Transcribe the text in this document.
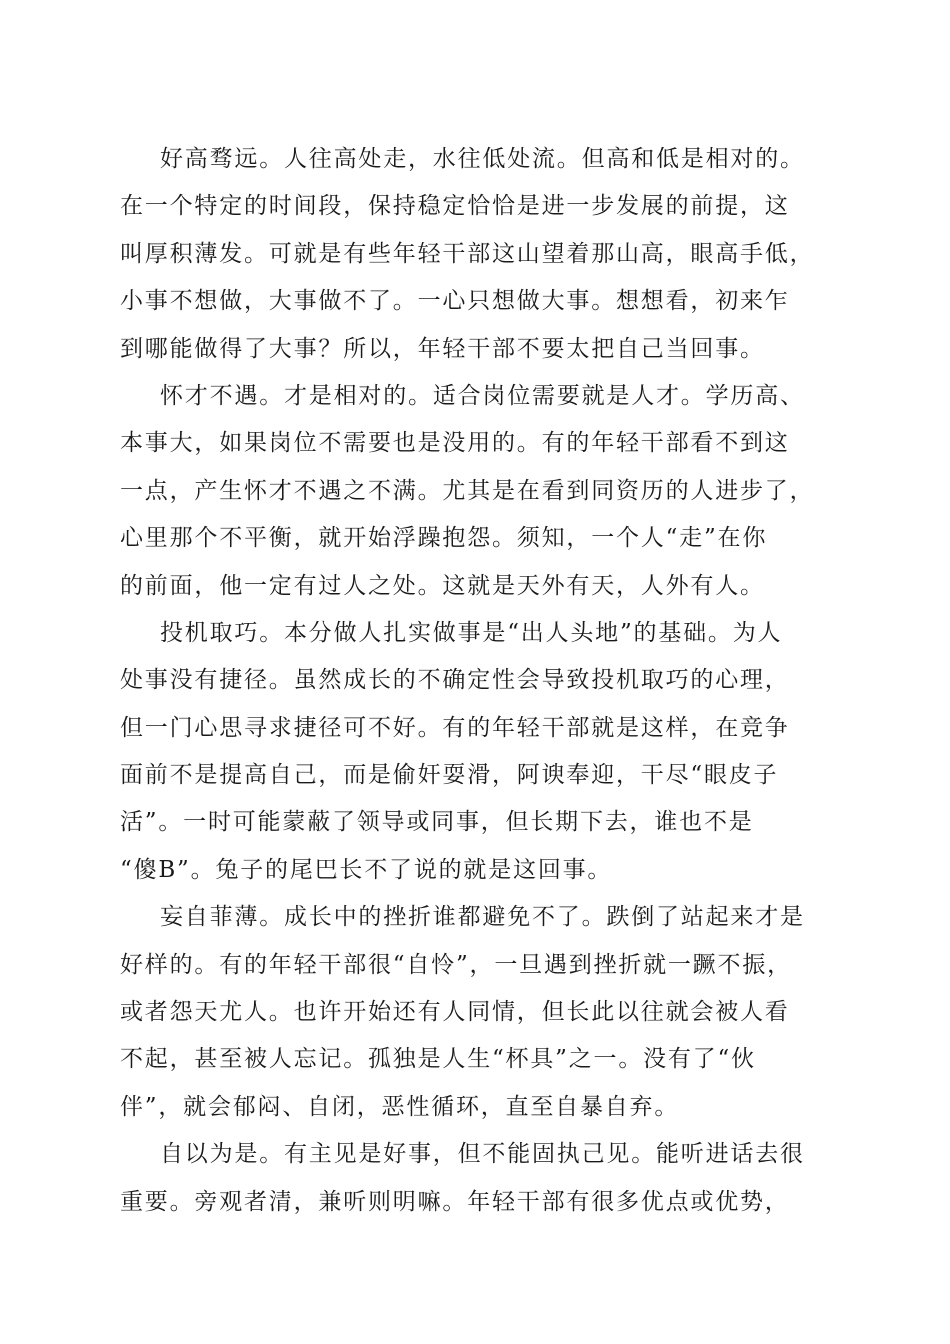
好高骛远。人往高处走，水往低处流。但高和低是相对的。
在一个特定的时间段，保持稳定恰恰是进一步发展的前提，这
叫厚积薄发。可就是有些年轻干部这山望着那山高，眼高手低，
小事不想做，大事做不了。一心只想做大事。想想看，初来乍
到哪能做得了大事？所以，年轻干部不要太把自己当回事。
怀才不遇。才是相对的。适合岗位需要就是人才。学历高、
本事大，如果岗位不需要也是没用的。有的年轻干部看不到这
一点，产生怀才不遇之不满。尤其是在看到同资历的人进步了，
心里那个不平衡，就开始浮躁抱怨。须知，一个人“走”在你
的前面，他一定有过人之处。这就是天外有天，人外有人。
投机取巧。本分做人扎实做事是“出人头地”的基础。为人
处事没有捷径。虽然成长的不确定性会导致投机取巧的心理，
但一门心思寻求捷径可不好。有的年轻干部就是这样，在竞争
面前不是提高自己，而是偷奸耍滑，阿谀奉迎，干尽“眼皮子
活”。一时可能蒙蔽了领导或同事，但长期下去，谁也不是
“傻B”。兔子的尾巴长不了说的就是这回事。
妄自菲薄。成长中的挫折谁都避免不了。跌倒了站起来才是
好样的。有的年轻干部很“自怜”，一旦遇到挫折就一蹶不振，
或者怨天尤人。也许开始还有人同情，但长此以往就会被人看
不起，甚至被人忘记。孤独是人生“杯具”之一。没有了“伙
伴”，就会郁闷、自闭，恶性循环，直至自暴自弃。
自以为是。有主见是好事，但不能固执己见。能听进话去很
重要。旁观者清，兼听则明嘛。年轻干部有很多优点或优势，
